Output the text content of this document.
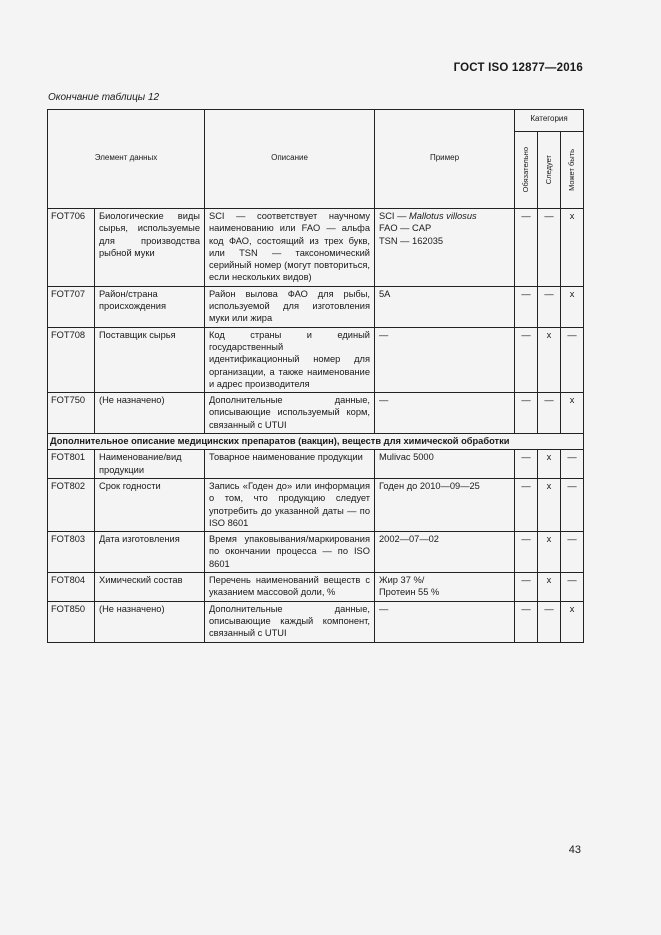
ГОСТ ISO 12877—2016
Окончание таблицы 12
Элемент данных		Описание	Пример	Категория		

				Обязательно	Следует	Может быть

FOT706	Биологические виды сырья, используемые для производства рыбной муки	SCI — соответствует научному наименованию или FAO — альфа код ФАО, состоящий из трех букв, или TSN — таксономический серийный номер (могут повториться, если нескольких видов)	SCI — Mallotus villosus
FAO — CAP
TSN — 162035	—	—	x
FOT707	Район/страна происхождения	Район вылова ФАО для рыбы, используемой для изготовления муки или жира	5A	—	—	x
FOT708	Поставщик сырья	Код страны и единый государственный идентификационный номер для организации, а также наименование и адрес производителя	—	—	x	—
FOT750	(Не назначено)	Дополнительные данные, описывающие используемый корм, связанный с UTUI	—	—	—	x
Дополнительное описание медицинских препаратов (вакцин), веществ для химической обработки						
FOT801	Наименование/вид продукции	Товарное наименование продукции	Mulivac 5000	—	x	—
FOT802	Срок годности	Запись «Годен до» или информация о том, что продукцию следует употребить до указанной даты — по ISO 8601	Годен до 2010—09—25	—	x	—
FOT803	Дата изготовления	Время упаковывания/маркирования по окончании процесса — по ISO 8601	2002—07—02	—	x	—
FOT804	Химический состав	Перечень наименований веществ с указанием массовой доли, %	Жир 37 %/
Протеин 55 %	—	x	—
FOT850	(Не назначено)	Дополнительные данные, описывающие каждый компонент, связанный с UTUI	—	—	—	x
43
